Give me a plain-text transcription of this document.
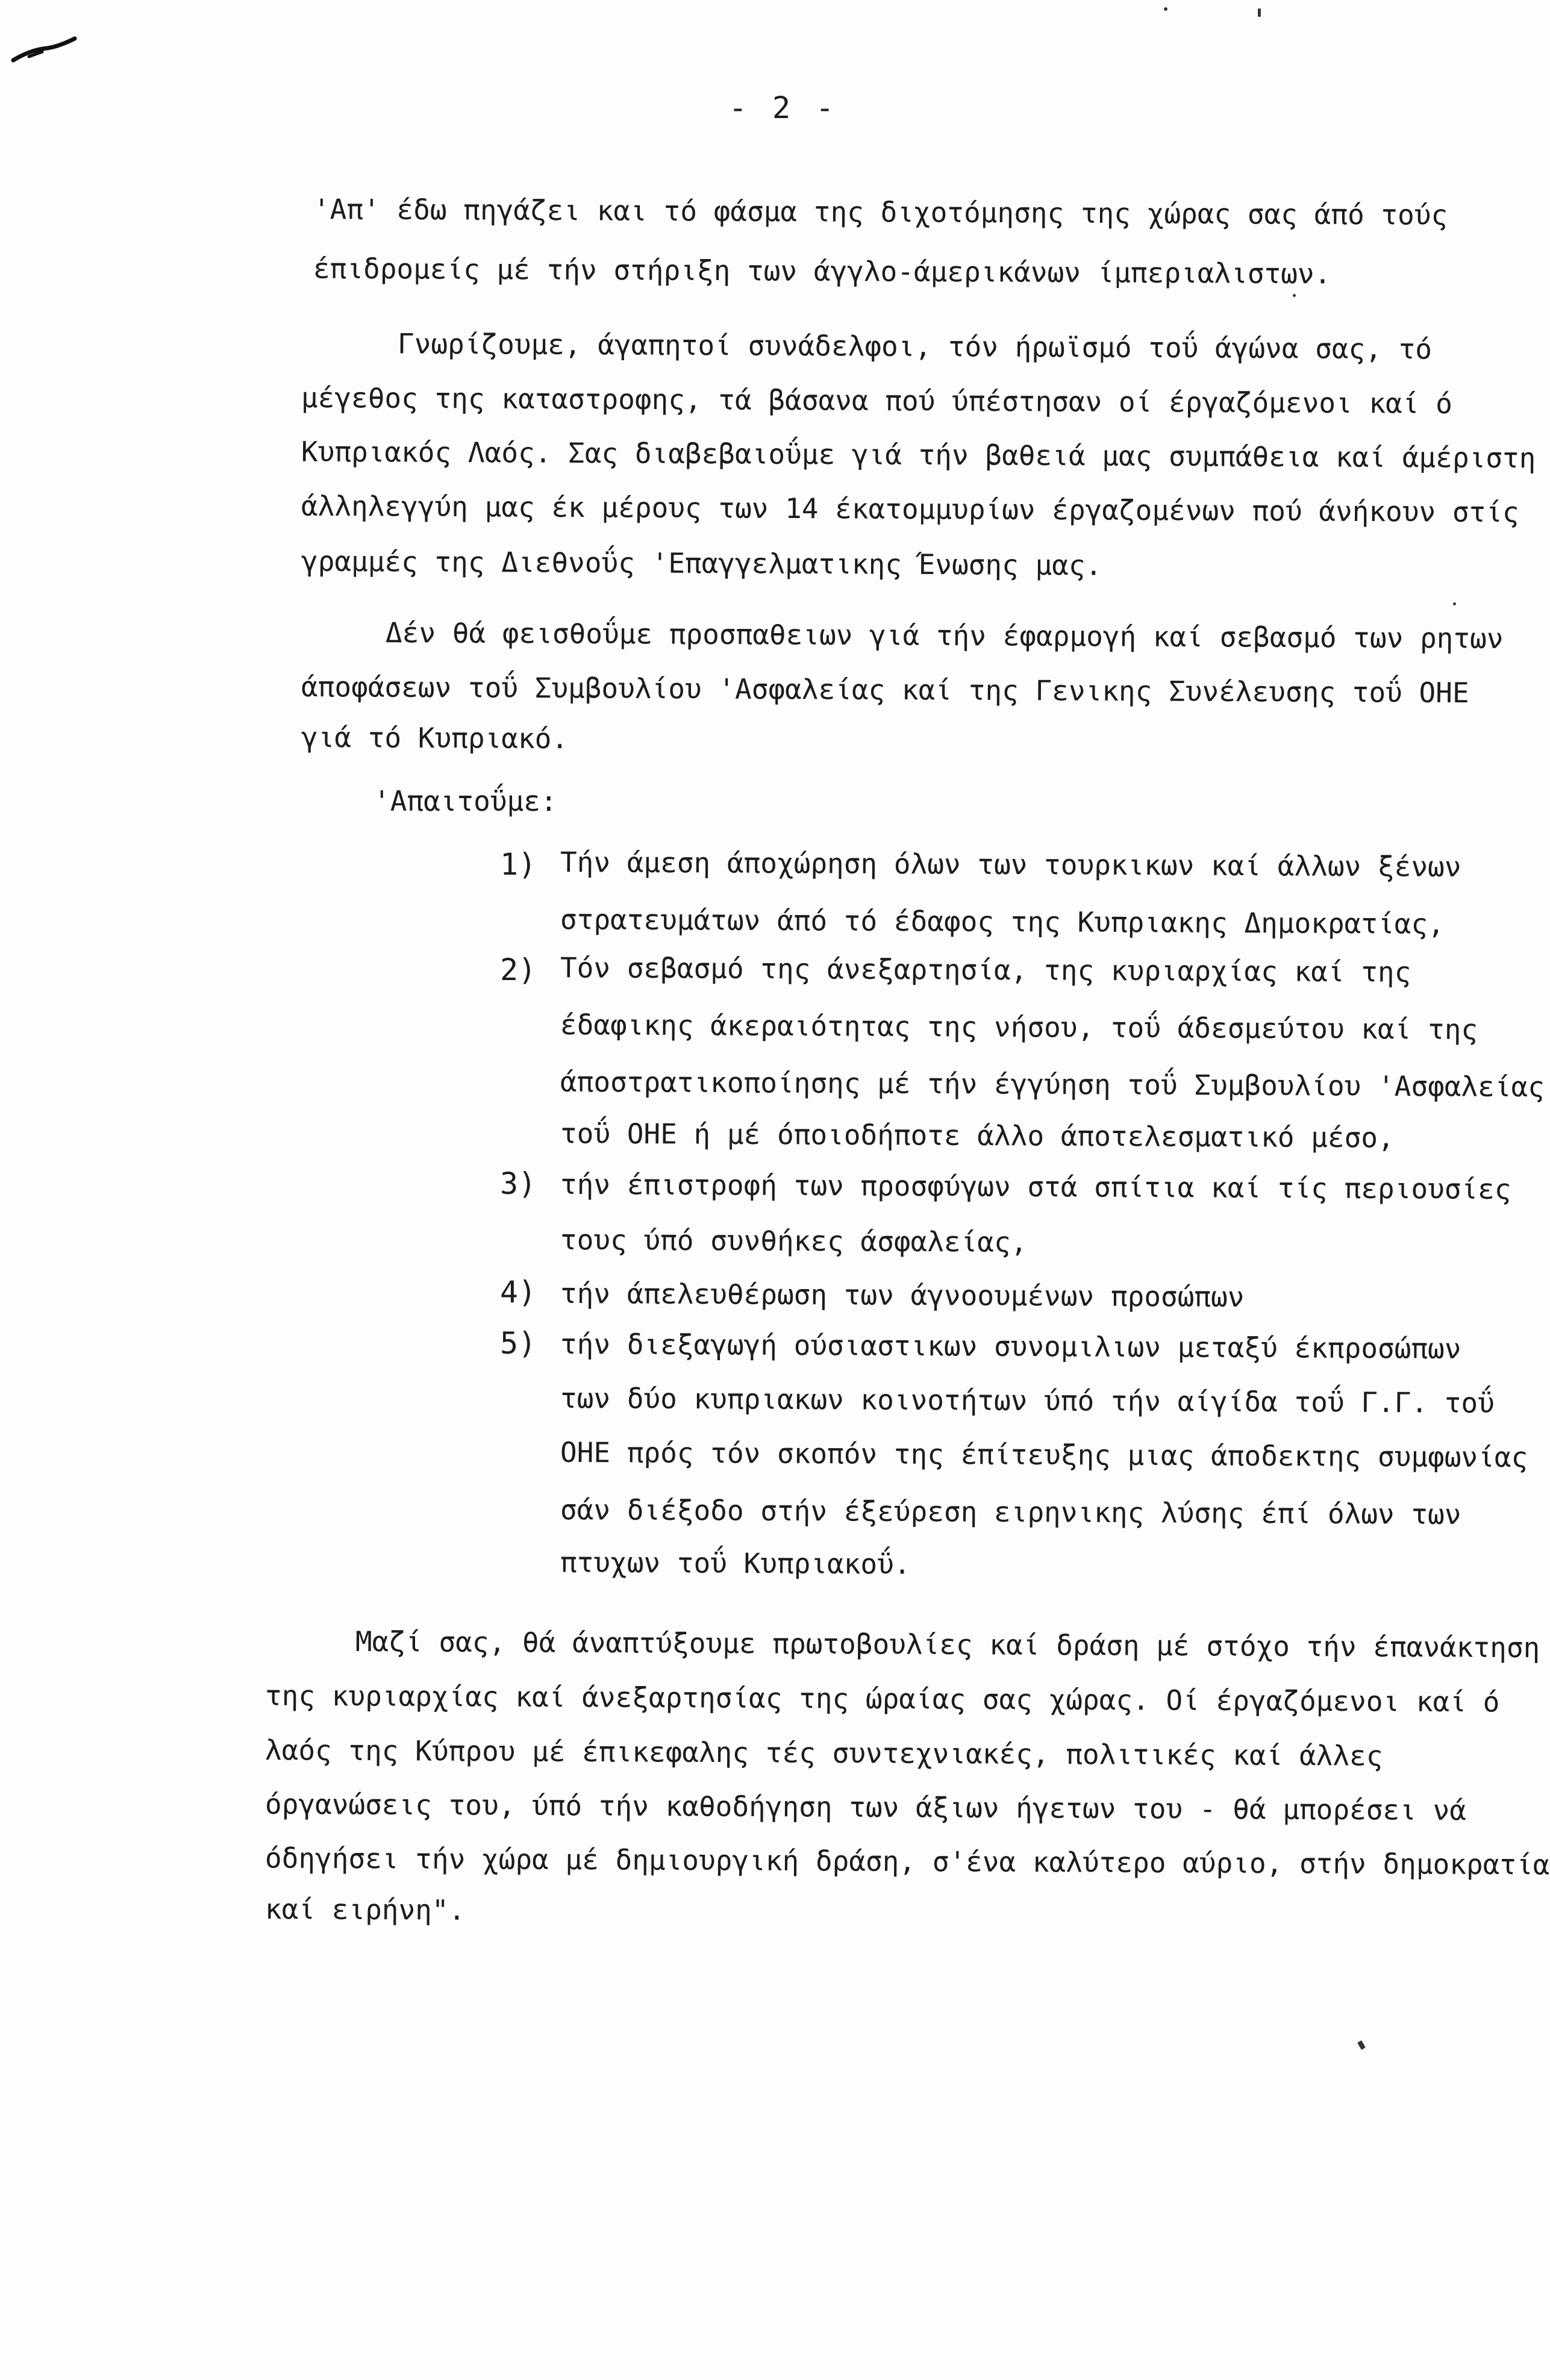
- 2 -
'Απ' έδω πηγάζει και τό φάσμα της διχοτόμησης της χώρας σας άπό τούς
έπιδρομείς μέ τήν στήριξη των άγγλο-άμερικάνων ίμπεριαλιστων.
Γνωρίζουμε, άγαπητοί συνάδελφοι, τόν ήρωϊσμό τοΰ άγώνα σας, τό
μέγεθος της καταστροφης, τά βάσανα πού ύπέστησαν οί έργαζόμενοι καί ό
Κυπριακός Λαός. Σας διαβεβαιοΰμε γιά τήν βαθειά μας συμπάθεια καί άμέριστη
άλληλεγγύη μας έκ μέρους των 14 έκατομμυρίων έργαζομένων πού άνήκουν στίς
γραμμές της Διεθνοΰς 'Επαγγελματικης Ένωσης μας.
Δέν θά φεισθοΰμε προσπαθειων γιά τήν έφαρμογή καί σεβασμό των ρητων
άποφάσεων τοΰ Συμβουλίου 'Ασφαλείας καί της Γενικης Συνέλευσης τοΰ ΟΗΕ
γιά τό Κυπριακό.
'Απαιτοΰμε:
1) Τήν άμεση άποχώρηση όλων των τουρκικων καί άλλων ξένων
στρατευμάτων άπό τό έδαφος της Κυπριακης Δημοκρατίας,
2) Τόν σεβασμό της άνεξαρτησία, της κυριαρχίας καί της
έδαφικης άκεραιότητας της νήσου, τοΰ άδεσμεύτου καί της
άποστρατικοποίησης μέ τήν έγγύηση τοΰ Συμβουλίου 'Ασφαλείας
τοΰ ΟΗΕ ή μέ όποιοδήποτε άλλο άποτελεσματικό μέσο,
3) τήν έπιστροφή των προσφύγων στά σπίτια καί τίς περιουσίες
τους ύπό συνθήκες άσφαλείας,
4) τήν άπελευθέρωση των άγνοουμένων προσώπων
5) τήν διεξαγωγή ούσιαστικων συνομιλιων μεταξύ έκπροσώπων
των δύο κυπριακων κοινοτήτων ύπό τήν αίγίδα τοΰ Γ.Γ. τοΰ
ΟΗΕ πρός τόν σκοπόν της έπίτευξης μιας άποδεκτης συμφωνίας
σάν διέξοδο στήν έξεύρεση ειρηνικης λύσης έπί όλων των
πτυχων τοΰ Κυπριακοΰ.
Μαζί σας, θά άναπτύξουμε πρωτοβουλίες καί δράση μέ στόχο τήν έπανάκτηση
της κυριαρχίας καί άνεξαρτησίας της ώραίας σας χώρας. Οί έργαζόμενοι καί ό
λαός της Κύπρου μέ έπικεφαλης τές συντεχνιακές, πολιτικές καί άλλες
όργανώσεις του, ύπό τήν καθοδήγηση των άξιων ήγετων του - θά μπορέσει νά
όδηγήσει τήν χώρα μέ δημιουργική δράση, σ'ένα καλύτερο αύριο, στήν δημοκρατία
καί ειρήνη".
